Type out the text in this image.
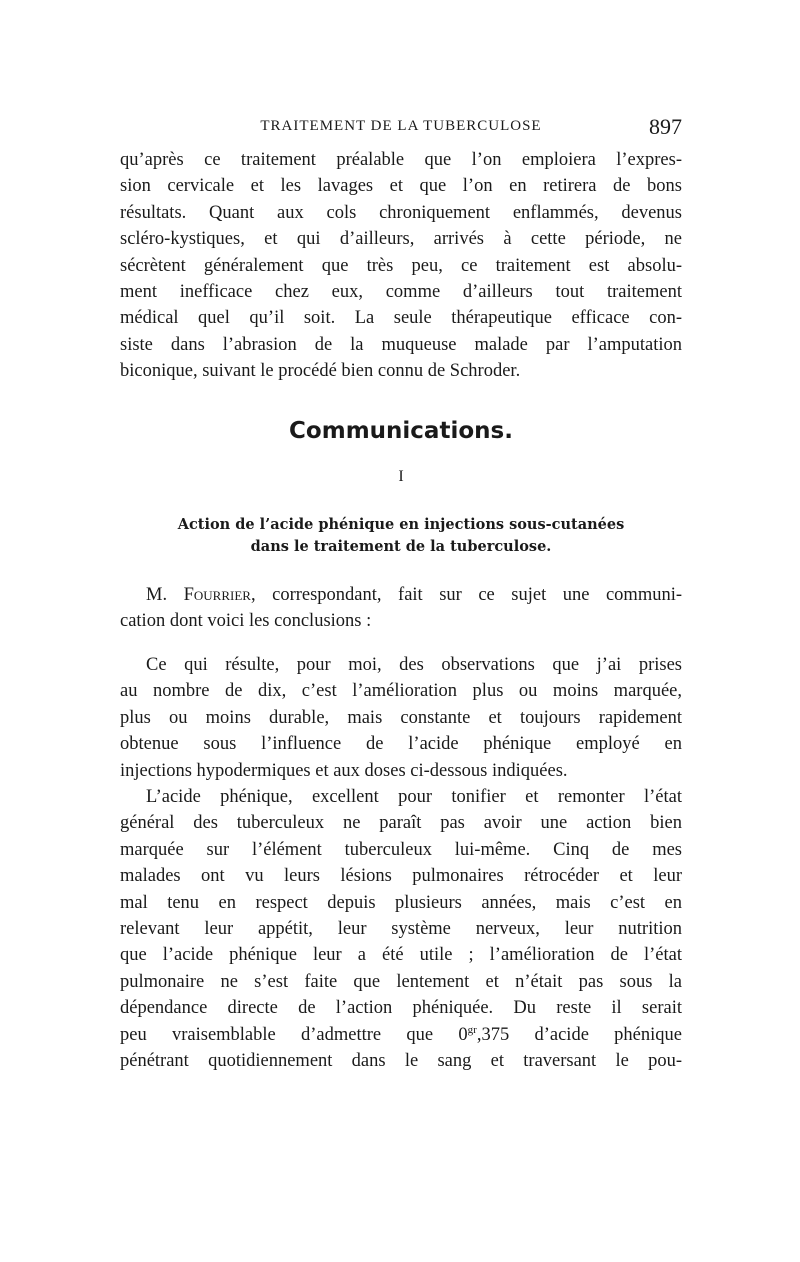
TRAITEMENT DE LA TUBERCULOSE	897
qu’après ce traitement préalable que l’on emploiera l’expres-
sion cervicale et les lavages et que l’on en retirera de bons
résultats. Quant aux cols chroniquement enflammés, devenus
scléro-kystiques, et qui d’ailleurs, arrivés à cette période, ne
sécrètent généralement que très peu, ce traitement est absolu-
ment inefficace chez eux, comme d’ailleurs tout traitement
médical quel qu’il soit. La seule thérapeutique efficace con-
siste dans l’abrasion de la muqueuse malade par l’amputation
biconique, suivant le procédé bien connu de Schroder.
Communications.
I
Action de l’acide phénique en injections sous-cutanées
dans le traitement de la tuberculose.
M. Fourrier, correspondant, fait sur ce sujet une communi-
cation dont voici les conclusions :
Ce qui résulte, pour moi, des observations que j’ai prises
au nombre de dix, c’est l’amélioration plus ou moins marquée,
plus ou moins durable, mais constante et toujours rapidement
obtenue sous l’influence de l’acide phénique employé en
injections hypodermiques et aux doses ci-dessous indiquées.
L’acide phénique, excellent pour tonifier et remonter l’état
général des tuberculeux ne paraît pas avoir une action bien
marquée sur l’élément tuberculeux lui-même. Cinq de mes
malades ont vu leurs lésions pulmonaires rétrocéder et leur
mal tenu en respect depuis plusieurs années, mais c’est en
relevant leur appétit, leur système nerveux, leur nutrition
que l’acide phénique leur a été utile ; l’amélioration de l’état
pulmonaire ne s’est faite que lentement et n’était pas sous la
dépendance directe de l’action phéniquée. Du reste il serait
peu vraisemblable d’admettre que $0^{gr},375$ d’acide phénique
pénétrant quotidiennement dans le sang et traversant le pou-
